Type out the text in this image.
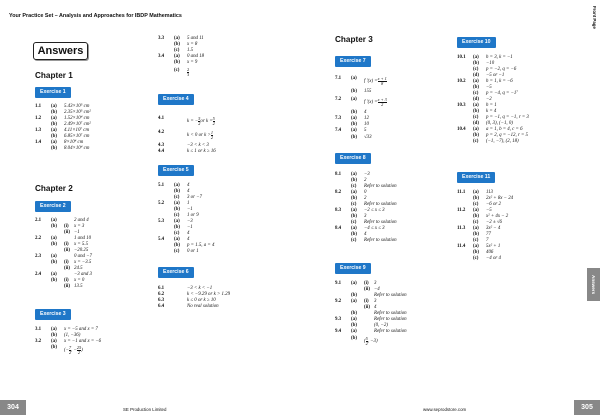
Your Practice Set – Analysis and Approaches for IBDP Mathematics	Front Page
Answers
Chapter 1
Exercise 1
1.1	(a)	5.43×10⁵ cm
(b)	2.35×10⁵ cm²
1.2	(a)	1.52×10⁴ cm
(b)	2.49×10⁷ cm²
1.3	(a)	4.11×10⁷ cm
(b)	6.85×10⁷ cm
1.4	(a)	8×10⁴ cm
(b)	8.04×10⁴ cm
Chapter 2
Exercise 2
2.1	(a)	2 and 4
(b)	(i)	x = 3
(ii) −1
2.2	(a)	1 and 10
(b)	(i)	x = 5.5
(ii) −20.25
2.3	(a)	0 and −7
(b)	(i)	x = −3.5
(ii) 24.5
2.4	(a)	−3 and 3
(b)	(i)	x = 0
(ii) 13.5
Exercise 3
3.1	(a)	x = −5 and x = 7
(b)	(1, −36)
3.2	(a)	x = −1 and x = −6
(b)
(− $\frac{7}{2}$ , − $\frac{25}{2}$ )
3.3	(a)	5 and 11
(b)	x = 8
(c)	1.5
3.4	(a)	0 and 18
(b)	x = 9
(c)	$\frac{2}{3}$
Exercise 4
4.1
k = − $\frac{5}{2}$ or $k = \frac{5}{2}$
4.2
k < 0 or $k > \frac{1}{2}$
4.3	−3 < k < 3
4.4	k ≤ 1 or k ≥ 16
Exercise 5
5.1	(a)	4
(b)	4
(c)	3 or −7
5.2	(a)	1
(b)	−1
(c)	1 or 9
5.3	(a)	−3
(b)	−1
(c)	4
5.4	(a)	4
(b)	p = 1.5, a = 4
(c)	0 or 1
Exercise 6
6.1	−3 < k < −1
6.2	k < −9.29 or k > 1.29
6.3	k ≤ 0 or k ≥ 10
6.4	No real solution
Chapter 3
Exercise 7
7.1	(a)
f $'(x) = \frac{x + 1}{8}$
(b)	155
7.2	(a)
f $'(x) = \frac{x + 3}{2}$
(b)	4
7.3	(a)	12
(b)	10
7.4	(a)	5
(b)	√33
Exercise 8
8.1	(a)	−3
(b)	2
(c)	Refer to solution
8.2	(a)	0
(b)	2
(c)	Refer to solution
8.3	(a)	−2 ≤ x ≤ 3
(b)	3
(c)	Refer to solution
8.4	(a)	−4 ≤ x ≤ 3
(b)	4
(c)	Refer to solution
Exercise 9
9.1	(a)	(i)	3
(ii) −4
(b)	Refer to solution
9.2	(a)	(i)	3
(ii) 4
(b)	Refer to solution
9.3	(a)	Refer to solution
(b)	(0, −2)
9.4	(a)	Refer to solution
(b)
( $\frac{5}{2}$ , −3)
Exercise 10
10.1	(a)	h = 3, k = −1
(b)	−10
(c)	p = −2, q = −6
(d)	−5 or −1
10.2	(a)	h = 1, k = −6
(b)	−5
(c)	p = −4, q = −1⁷
(d)	−2
10.3	(a)	h = 1
(b)	k = 4
(c)	p = −1, q = −1, r = 3
(d)	(0, 3), (−1, 0)
10.4	(a)	a = 1, b = 4, c = 6
(b)	p = 2, q = −12, r = 5
(c)	(−1, −7), (2, 18)
Exercise 11
11.1	(a)	113
(b)	2x² + 8x − 24
(c)	−6 or 2
11.2	(a)	−5
(b)	x² + 4x − 2
(c)	−2 ± √6
11.3	(a)	3x² − 4
(b)	77
(c)	7
11.4	(a)	5x² + 1
(b)	406
(c)	−4 or 4
Answers
304	305
SE Production Limited	www.seprodstore.com
